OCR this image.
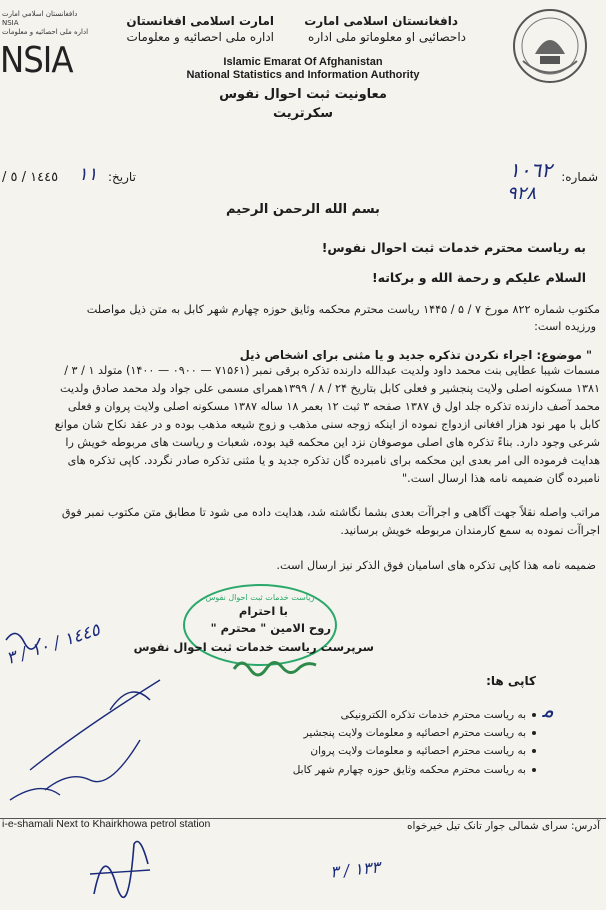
دافغانستان اسلامي امارت
NSIA
اداره ملی احصائیه و معلومات
NSIA
دافغانستان اسلامی امارت
داحصائیی او معلوماتو ملی اداره
امارت اسلامی افغانستان
اداره ملی احصائیه و معلومات
Islamic Emarat Of Afghanistan
National Statistics and Information Authority
معاونیت ثبت احوال نفوس
سکرتریت
شماره:
١٠٦٢
٩٢٨
تاریخ:
١١
١٤٤٥ / ٥ /
بسم الله الرحمن الرحيم
به ریاست محترم خدمات ثبت احوال نفوس!
السلام علیکم و رحمة الله و برکاته!
مکتوب شماره ۸۲۲ مورخ ۷ / ۵ / ۱۴۴۵ ریاست محترم محکمه وثایق حوزه چهارم شهر کابل به متن ذیل مواصلت
ورزیده است:
" موضوع: اجراء نکردن تذکره جدید و یا مثنی برای اشخاص ذیل
مسمات شیبا عطایی بنت محمد داود ولدیت عبدالله دارنده تذکره برقی نمبر (۷۱۵۶۱ — ۰۹۰۰ — ۱۴۰۰) متولد ۱ / ۳ /
۱۳۸۱ مسکونه اصلی ولایت پنجشیر و فعلی کابل بتاریخ ۲۴ / ۸ / ۱۳۹۹همرای مسمی علی جواد ولد محمد صادق ولدیت
محمد آصف دارنده تذکره جلد اول ق ۱۳۸۷ صفحه ۳ ثبت ۱۲ بعمر ۱۸ ساله ۱۳۸۷ مسکونه اصلی ولایت پروان و فعلی
کابل با مهر نود هزار افغانی ازدواج نموده از اینکه زوجه سنی مذهب و زوج شیعه مذهب بوده و در عقد نکاح شان موانع
شرعی وجود دارد. بناءً تذکره های اصلی موصوفان نزد این محکمه قید بوده، شعبات و ریاست های مربوطه خویش را
هدایت فرموده الی امر بعدی این محکمه برای نامبرده گان تذکره جدید و یا مثنی تذکره صادر نگردد. کاپی تذکره های
نامبرده گان ضمیمه نامه هذا ارسال است."
مراتب واصله نقلاً جهت آگاهی و اجراآت بعدی بشما نگاشته شد، هدایت داده می شود تا مطابق متن مکتوب نمبر فوق
اجراآت نموده به سمع کارمندان مربوطه خویش برسانید.
ضمیمه نامه هذا کاپی تذکره های اسامیان فوق الذکر نیز ارسال است.
ریاست خدمات ثبت احوال نفوس
با احترام
روح الامین " محترم "
سرپرست ریاست خدمات ثبت احوال نفوس
کاپی ها:
ﻣ
به ریاست محترم خدمات تذکره الکترونیکی
به ریاست محترم احصائیه و معلومات ولایت پنجشیر
به ریاست محترم احصائیه و معلومات ولایت پروان
به ریاست محترم محکمه وثایق حوزه چهارم شهر کابل
١٤٤٥ / ١٠ / ٣
i-e-shamali Next to Khairkhowa petrol station	آدرس: سرای شمالی جوار تانک تیل خیرخواه
١٣٣ / ٣
